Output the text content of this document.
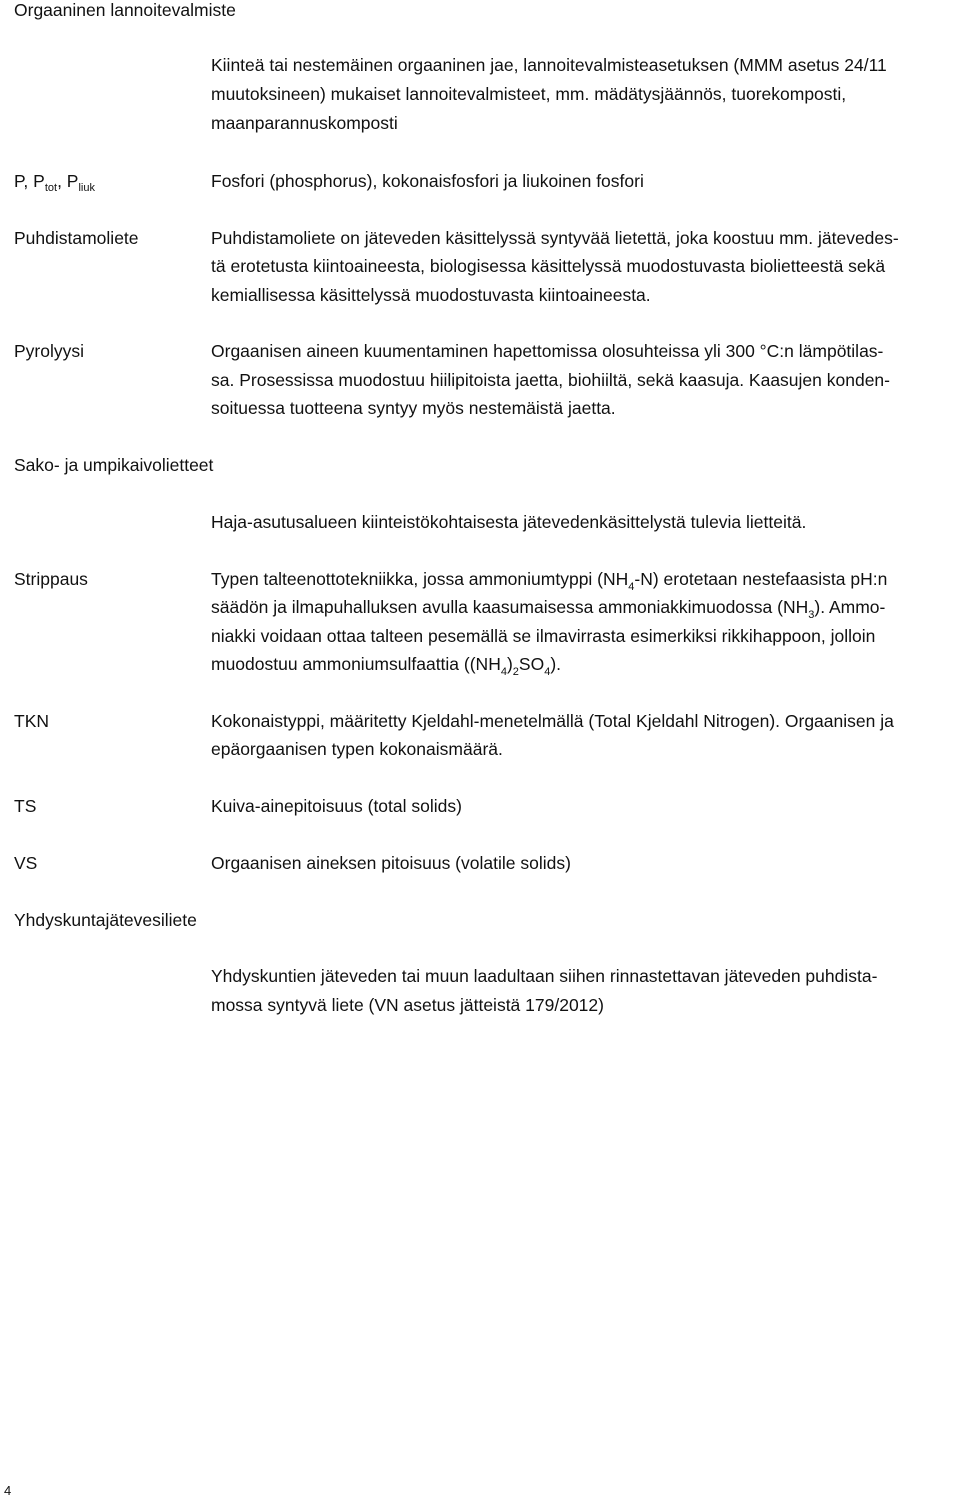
Orgaaninen lannoitevalmiste
Kiinteä tai nestemäinen orgaaninen jae, lannoitevalmisteasetuksen (MMM asetus 24/11
muutoksineen) mukaiset lannoitevalmisteet, mm. mädätysjäännös, tuorekomposti,
maanparannuskomposti
P, $P_{tot}$, $P_{liuk}$	Fosfori (phosphorus), kokonaisfosfori ja liukoinen fosfori
Puhdistamoliete	Puhdistamoliete on jäteveden käsittelyssä syntyvää lietettä, joka koostuu mm. jätevedes-
tä erotetusta kiintoaineesta, biologisessa käsittelyssä muodostuvasta biolietteestä sekä
kemiallisessa käsittelyssä muodostuvasta kiintoaineesta.
Pyrolyysi	Orgaanisen aineen kuumentaminen hapettomissa olosuhteissa yli 300 °C:n lämpötilas-
sa. Prosessissa muodostuu hiilipitoista jaetta, biohiiltä, sekä kaasuja. Kaasujen konden-
soituessa tuotteena syntyy myös nestemäistä jaetta.
Sako- ja umpikaivolietteet
Haja-asutusalueen kiinteistökohtaisesta jätevedenkäsittelystä tulevia lietteitä.
Strippaus	Typen talteenottotekniikka, jossa ammoniumtyppi $(NH_4-N)$ erotetaan nestefaasista pH:n
säädön ja ilmapuhalluksen avulla kaasumaisessa ammoniakkimuodossa $(NH_3)$. Ammo-
niakki voidaan ottaa talteen pesemällä se ilmavirrasta esimerkiksi rikkihappoon, jolloin
muodostuu ammoniumsulfaattia $((NH_4)_2SO_4)$.
TKN	Kokonaistyppi, määritetty Kjeldahl-menetelmällä (Total Kjeldahl Nitrogen). Orgaanisen ja
epäorgaanisen typen kokonaismäärä.
TS	Kuiva-ainepitoisuus (total solids)
VS	Orgaanisen aineksen pitoisuus (volatile solids)
Yhdyskuntajätevesiliete
Yhdyskuntien jäteveden tai muun laadultaan siihen rinnastettavan jäteveden puhdista-
mossa syntyvä liete (VN asetus jätteistä 179/2012)
4
